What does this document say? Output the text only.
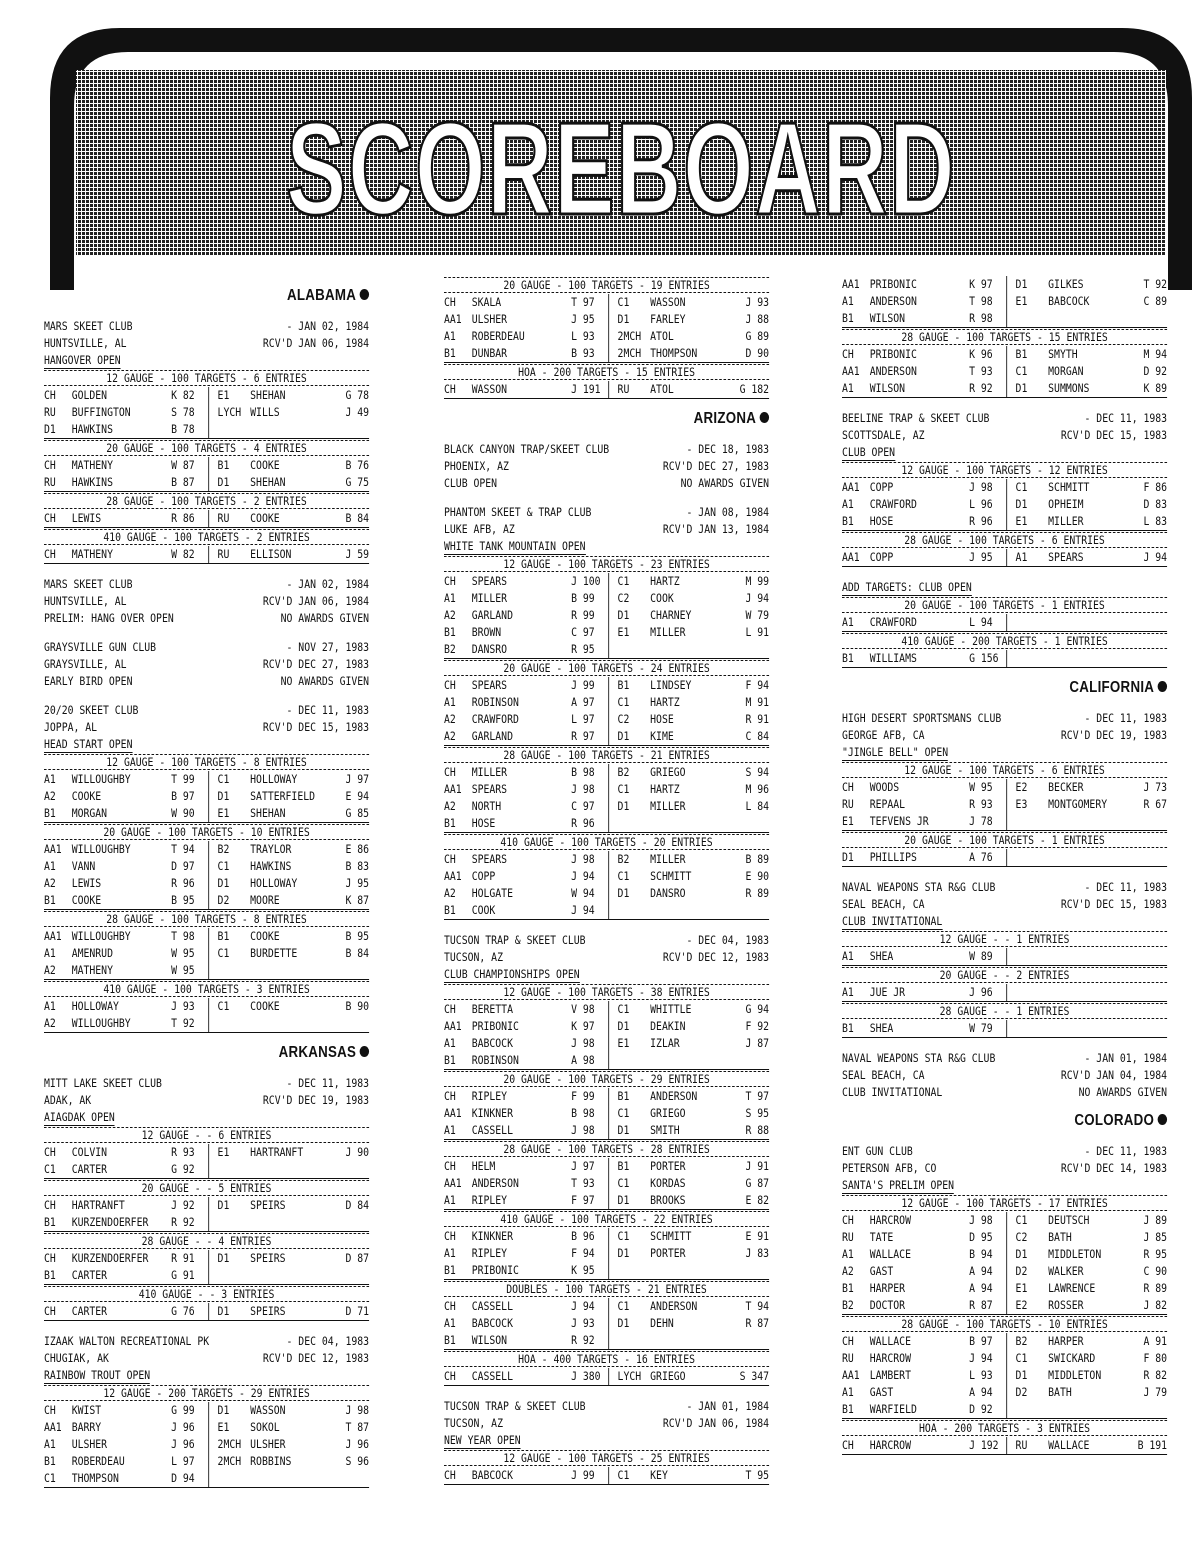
SCOREBOARD
ALABAMA
MARS SKEET CLUB	- JAN 02, 1984
HUNTSVILLE, AL	RCV'D JAN 06, 1984
HANGOVER OPEN
12 GAUGE - 100 TARGETS - 6 ENTRIES
CH	GOLDEN	K 82	E1	SHEHAN	G 78
RU	BUFFINGTON	S 78	LYCH WILLS	J 49
D1	HAWKINS	B 78
20 GAUGE - 100 TARGETS - 4 ENTRIES
CH	MATHENY	W 87	B1	COOKE	B 76
RU	HAWKINS	B 87	D1	SHEHAN	G 75
28 GAUGE - 100 TARGETS - 2 ENTRIES
CH	LEWIS	R 86	RU	COOKE	B 84
410 GAUGE - 100 TARGETS - 2 ENTRIES
CH	MATHENY	W 82	RU	ELLISON	J 59
MARS SKEET CLUB	- JAN 02, 1984
HUNTSVILLE, AL	RCV'D JAN 06, 1984
PRELIM: HANG OVER OPEN	NO AWARDS GIVEN
GRAYSVILLE GUN CLUB	- NOV 27, 1983
GRAYSVILLE, AL	RCV'D DEC 27, 1983
EARLY BIRD OPEN	NO AWARDS GIVEN
20/20 SKEET CLUB	- DEC 11, 1983
JOPPA, AL	RCV'D DEC 15, 1983
HEAD START OPEN
12 GAUGE - 100 TARGETS - 8 ENTRIES
A1	WILLOUGHBY	T 99	C1	HOLLOWAY	J 97
A2	COOKE	B 97	D1	SATTERFIELD	E 94
B1	MORGAN	W 90	E1	SHEHAN	G 85
20 GAUGE - 100 TARGETS - 10 ENTRIES
AA1 WILLOUGHBY	T 94	B2	TRAYLOR	E 86
A1	VANN	D 97	C1	HAWKINS	B 83
A2	LEWIS	R 96	D1	HOLLOWAY	J 95
B1	COOKE	B 95	D2	MOORE	K 87
28 GAUGE - 100 TARGETS - 8 ENTRIES
AA1 WILLOUGHBY	T 98	B1	COOKE	B 95
A1	AMENRUD	W 95	C1	BURDETTE	B 84
A2	MATHENY	W 95
410 GAUGE - 100 TARGETS - 3 ENTRIES
A1	HOLLOWAY	J 93	C1	COOKE	B 90
A2	WILLOUGHBY	T 92
ARKANSAS
MITT LAKE SKEET CLUB	- DEC 11, 1983
ADAK, AK	RCV'D DEC 19, 1983
AIAGDAK OPEN
12 GAUGE - - 6 ENTRIES
CH	COLVIN	R 93	E1	HARTRANFT	J 90
C1	CARTER	G 92
20 GAUGE - - 5 ENTRIES
CH	HARTRANFT	J 92	D1	SPEIRS	D 84
B1	KURZENDOERFER	R 92
28 GAUGE - - 4 ENTRIES
CH	KURZENDOERFER	R 91	D1	SPEIRS	D 87
B1	CARTER	G 91
410 GAUGE - - 3 ENTRIES
CH	CARTER	G 76	D1	SPEIRS	D 71
IZAAK WALTON RECREATIONAL PK	- DEC 04, 1983
CHUGIAK, AK	RCV'D DEC 12, 1983
RAINBOW TROUT OPEN
12 GAUGE - 200 TARGETS - 29 ENTRIES
CH	KWIST	G 99	D1	WASSON	J 98
AA1 BARRY	J 96	E1	SOKOL	T 87
A1	ULSHER	J 96	2MCH ULSHER	J 96
B1	ROBERDEAU	L 97	2MCH ROBBINS	S 96
C1	THOMPSON	D 94
20 GAUGE - 100 TARGETS - 19 ENTRIES
CH	SKALA	T 97	C1	WASSON	J 93
AA1 ULSHER	J 95	D1	FARLEY	J 88
A1	ROBERDEAU	L 93	2MCH ATOL	G 89
B1	DUNBAR	B 93	2MCH THOMPSON	D 90
HOA - 200 TARGETS - 15 ENTRIES
CH	WASSON	J 191	RU	ATOL	G 182
ARIZONA
BLACK CANYON TRAP/SKEET CLUB	- DEC 18, 1983
PHOENIX, AZ	RCV'D DEC 27, 1983
CLUB OPEN	NO AWARDS GIVEN
PHANTOM SKEET & TRAP CLUB	- JAN 08, 1984
LUKE AFB, AZ	RCV'D JAN 13, 1984
WHITE TANK MOUNTAIN OPEN
12 GAUGE - 100 TARGETS - 23 ENTRIES
CH	SPEARS	J 100	C1	HARTZ	M 99
A1	MILLER	B 99	C2	COOK	J 94
A2	GARLAND	R 99	D1	CHARNEY	W 79
B1	BROWN	C 97	E1	MILLER	L 91
B2	DANSRO	R 95
20 GAUGE - 100 TARGETS - 24 ENTRIES
CH	SPEARS	J 99	B1	LINDSEY	F 94
A1	ROBINSON	A 97	C1	HARTZ	M 91
A2	CRAWFORD	L 97	C2	HOSE	R 91
A2	GARLAND	R 97	D1	KIME	C 84
28 GAUGE - 100 TARGETS - 21 ENTRIES
CH	MILLER	B 98	B2	GRIEGO	S 94
AA1 SPEARS	J 98	C1	HARTZ	M 96
A2	NORTH	C 97	D1	MILLER	L 84
B1	HOSE	R 96
410 GAUGE - 100 TARGETS - 20 ENTRIES
CH	SPEARS	J 98	B2	MILLER	B 89
AA1 COPP	J 94	C1	SCHMITT	E 90
A2	HOLGATE	W 94	D1	DANSRO	R 89
B1	COOK	J 94
TUCSON TRAP & SKEET CLUB	- DEC 04, 1983
TUCSON, AZ	RCV'D DEC 12, 1983
CLUB CHAMPIONSHIPS OPEN
12 GAUGE - 100 TARGETS - 38 ENTRIES
CH	BERETTA	V 98	C1	WHITTLE	G 94
AA1 PRIBONIC	K 97	D1	DEAKIN	F 92
A1	BABCOCK	J 98	E1	IZLAR	J 87
B1	ROBINSON	A 98
20 GAUGE - 100 TARGETS - 29 ENTRIES
CH	RIPLEY	F 99	B1	ANDERSON	T 97
AA1 KINKNER	B 98	C1	GRIEGO	S 95
A1	CASSELL	J 98	D1	SMITH	R 88
28 GAUGE - 100 TARGETS - 28 ENTRIES
CH	HELM	J 97	B1	PORTER	J 91
AA1 ANDERSON	T 93	C1	KORDAS	G 87
A1	RIPLEY	F 97	D1	BROOKS	E 82
410 GAUGE - 100 TARGETS - 22 ENTRIES
CH	KINKNER	B 96	C1	SCHMITT	E 91
A1	RIPLEY	F 94	D1	PORTER	J 83
B1	PRIBONIC	K 95
DOUBLES - 100 TARGETS - 21 ENTRIES
CH	CASSELL	J 94	C1	ANDERSON	T 94
A1	BABCOCK	J 93	D1	DEHN	R 87
B1	WILSON	R 92
HOA - 400 TARGETS - 16 ENTRIES
CH	CASSELL	J 380	LYCH GRIEGO	S 347
TUCSON TRAP & SKEET CLUB	- JAN 01, 1984
TUCSON, AZ	RCV'D JAN 06, 1984
NEW YEAR OPEN
12 GAUGE - 100 TARGETS - 25 ENTRIES
CH	BABCOCK	J 99	C1	KEY	T 95
AA1 PRIBONIC	K 97	D1	GILKES	T 92
A1	ANDERSON	T 98	E1	BABCOCK	C 89
B1	WILSON	R 98
28 GAUGE - 100 TARGETS - 15 ENTRIES
CH	PRIBONIC	K 96	B1	SMYTH	M 94
AA1 ANDERSON	T 93	C1	MORGAN	D 92
A1	WILSON	R 92	D1	SUMMONS	K 89
BEELINE TRAP & SKEET CLUB	- DEC 11, 1983
SCOTTSDALE, AZ	RCV'D DEC 15, 1983
CLUB OPEN
12 GAUGE - 100 TARGETS - 12 ENTRIES
AA1 COPP	J 98	C1	SCHMITT	F 86
A1	CRAWFORD	L 96	D1	OPHEIM	D 83
B1	HOSE	R 96	E1	MILLER	L 83
28 GAUGE - 100 TARGETS - 6 ENTRIES
AA1 COPP	J 95	A1	SPEARS	J 94
ADD TARGETS: CLUB OPEN
20 GAUGE - 100 TARGETS - 1 ENTRIES
A1	CRAWFORD	L 94
410 GAUGE - 200 TARGETS - 1 ENTRIES
B1	WILLIAMS	G 156
CALIFORNIA
HIGH DESERT SPORTSMANS CLUB	- DEC 11, 1983
GEORGE AFB, CA	RCV'D DEC 19, 1983
"JINGLE BELL" OPEN
12 GAUGE - 100 TARGETS - 6 ENTRIES
CH	WOODS	W 95	E2	BECKER	J 73
RU	REPAAL	R 93	E3	MONTGOMERY	R 67
E1	TEFVENS JR	J 78
20 GAUGE - 100 TARGETS - 1 ENTRIES
D1	PHILLIPS	A 76
NAVAL WEAPONS STA R&G CLUB	- DEC 11, 1983
SEAL BEACH, CA	RCV'D DEC 15, 1983
CLUB INVITATIONAL
12 GAUGE - - 1 ENTRIES
A1	SHEA	W 89
20 GAUGE - - 2 ENTRIES
A1	JUE JR	J 96
28 GAUGE - - 1 ENTRIES
B1	SHEA	W 79
NAVAL WEAPONS STA R&G CLUB	- JAN 01, 1984
SEAL BEACH, CA	RCV'D JAN 04, 1984
CLUB INVITATIONAL	NO AWARDS GIVEN
COLORADO
ENT GUN CLUB	- DEC 11, 1983
PETERSON AFB, CO	RCV'D DEC 14, 1983
SANTA'S PRELIM OPEN
12 GAUGE - 100 TARGETS - 17 ENTRIES
CH	HARCROW	J 98	C1	DEUTSCH	J 89
RU	TATE	D 95	C2	BATH	J 85
A1	WALLACE	B 94	D1	MIDDLETON	R 95
A2	GAST	A 94	D2	WALKER	C 90
B1	HARPER	A 94	E1	LAWRENCE	R 89
B2	DOCTOR	R 87	E2	ROSSER	J 82
28 GAUGE - 100 TARGETS - 10 ENTRIES
CH	WALLACE	B 97	B2	HARPER	A 91
RU	HARCROW	J 94	C1	SWICKARD	F 80
AA1 LAMBERT	L 93	D1	MIDDLETON	R 82
A1	GAST	A 94	D2	BATH	J 79
B1	WARFIELD	D 92
HOA - 200 TARGETS - 3 ENTRIES
CH	HARCROW	J 192	RU	WALLACE	B 191
